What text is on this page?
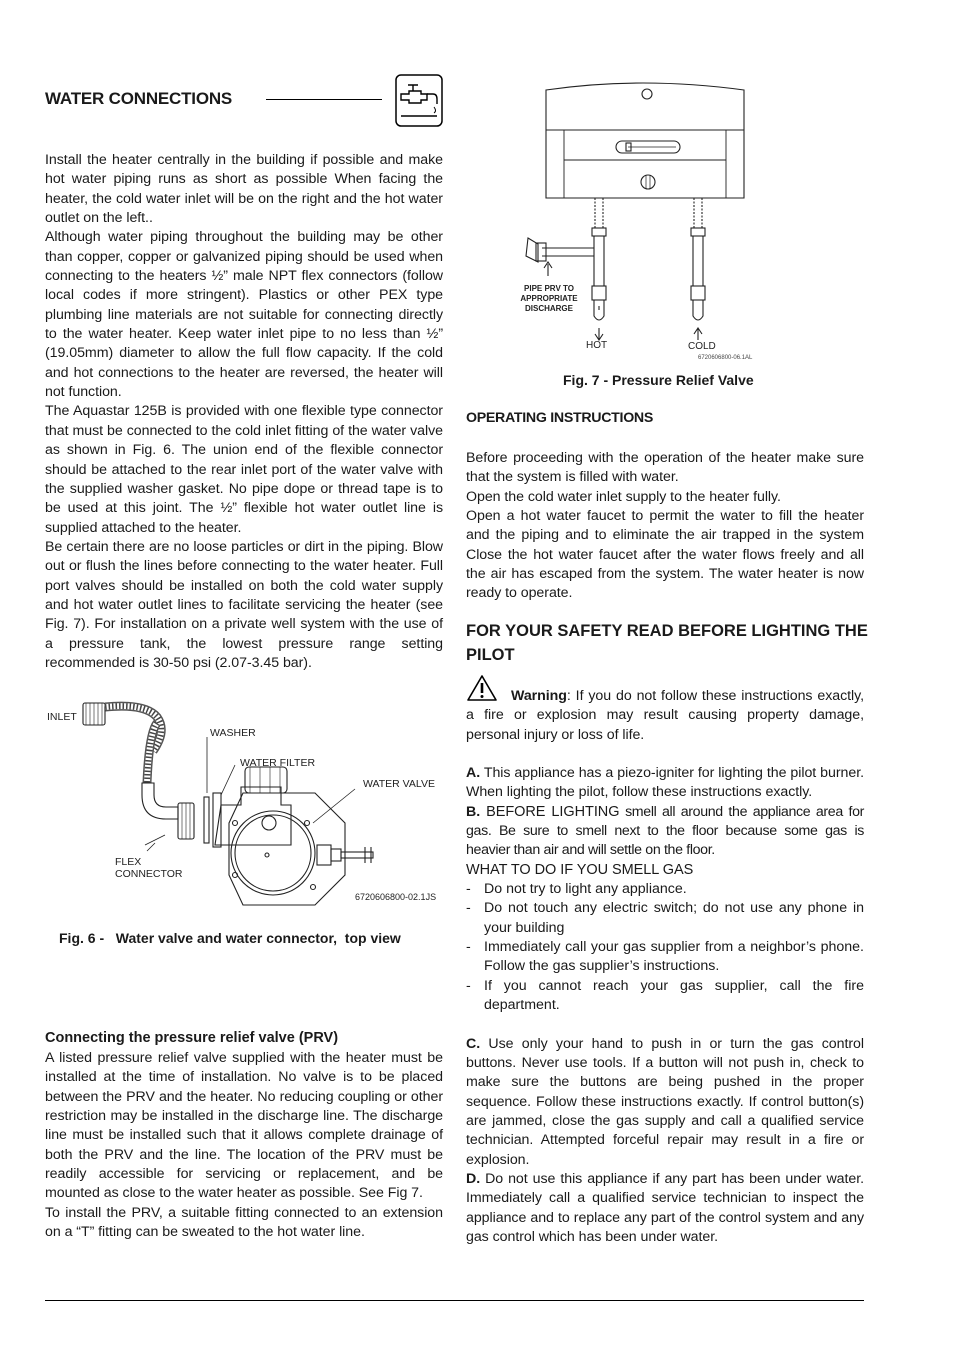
WATER CONNECTIONS

Install the heater centrally in the building if possible and make hot water piping runs as short as possible When facing the heater, the cold water inlet will be on the right and the hot water outlet on the left..

Although water piping throughout the building may be other than copper, copper or galvanized piping should be used when connecting to the heaters ½” male NPT flex connectors (follow local codes if more stringent). Plastics or other PEX type plumbing line materials are not suitable for connecting directly to the water heater. Keep water inlet pipe to no less than ½” (19.05mm) diameter to allow the full flow capacity. If the cold and hot connections to the heater are reversed, the heater will not function.

The Aquastar 125B is provided with one flexible type connector that must be connected to the cold inlet fitting of the water valve as shown in Fig. 6. The union end of the flexible connector should be attached to the rear inlet port of the water valve with the supplied washer gasket. No pipe dope or thread tape is to be used at this joint. The ½” flexible hot water outlet line is supplied attached to the heater.

Be certain there are no loose particles or dirt in the piping. Blow out or flush the lines before connecting to the water heater. Full port valves should be installed on both the cold water supply and hot water outlet lines to facilitate servicing the heater (see Fig. 7). For installation on a private well system with the use of a pressure tank, the lowest pressure range setting recommended is 30-50 psi (2.07-3.45 bar).

INLET
WASHER
WATER FILTER
WATER VALVE
FLEX
CONNECTOR
6720606800-02.1JS
Fig. 6 -   Water valve and water connector,  top view
Connecting the pressure relief valve (PRV)

A listed pressure relief valve supplied with the heater must be installed at the time of installation. No valve is to be placed between the PRV and the heater. No reducing coupling or other restriction may be installed in the discharge line. The discharge line must be installed such that it allows complete drainage of both the PRV and the line. The location of the PRV must be readily accessible for servicing or replacement, and be mounted as close to the water heater as possible. See Fig 7.

To install the PRV, a suitable fitting connected to an extension on a “T” fitting can be sweated to the hot water line.

PIPE PRV TO
APPROPRIATE
DISCHARGE
HOT	COLD
6720606800-06.1AL
Fig. 7 - Pressure Relief Valve
OPERATING INSTRUCTIONS

Before proceeding with the operation of the heater make sure that the system is filled with water.

Open the cold water inlet supply to the heater fully.

Open a hot water faucet to permit the water to fill the heater and the piping and to eliminate the air trapped in the system Close the hot water faucet after the water flows freely and all the air has escaped from the system. The water heater is now ready to operate.

FOR YOUR SAFETY READ BEFORE LIGHTING THE PILOT

Warning: If you do not follow these instructions exactly, a fire or explosion may result causing property damage, personal injury or loss of life.

A. This appliance has a piezo-igniter for lighting the pilot burner. When lighting the pilot, follow these instructions exactly.

B. BEFORE LIGHTING smell all around the appliance area for gas. Be sure to smell next to the floor because some gas is heavier than air and will settle on the floor.

WHAT TO DO IF YOU SMELL GAS

- Do not try to light any appliance.
- Do not touch any electric switch; do not use any phone in your building
- Immediately call your gas supplier from a neighbor’s phone. Follow the gas supplier’s instructions.
- If you cannot reach your gas supplier, call the fire department.

C. Use only your hand to push in or turn the gas control buttons. Never use tools. If a button will not push in, check to make sure the buttons are being pushed in the proper sequence. Follow these instructions exactly. If control button(s) are jammed, close the gas supply and call a qualified service technician. Attempted forceful repair may result in a fire or explosion.

D. Do not use this appliance if any part has been under water. Immediately call a qualified service technician to inspect the appliance and to replace any part of the control system and any gas control which has been under water.
